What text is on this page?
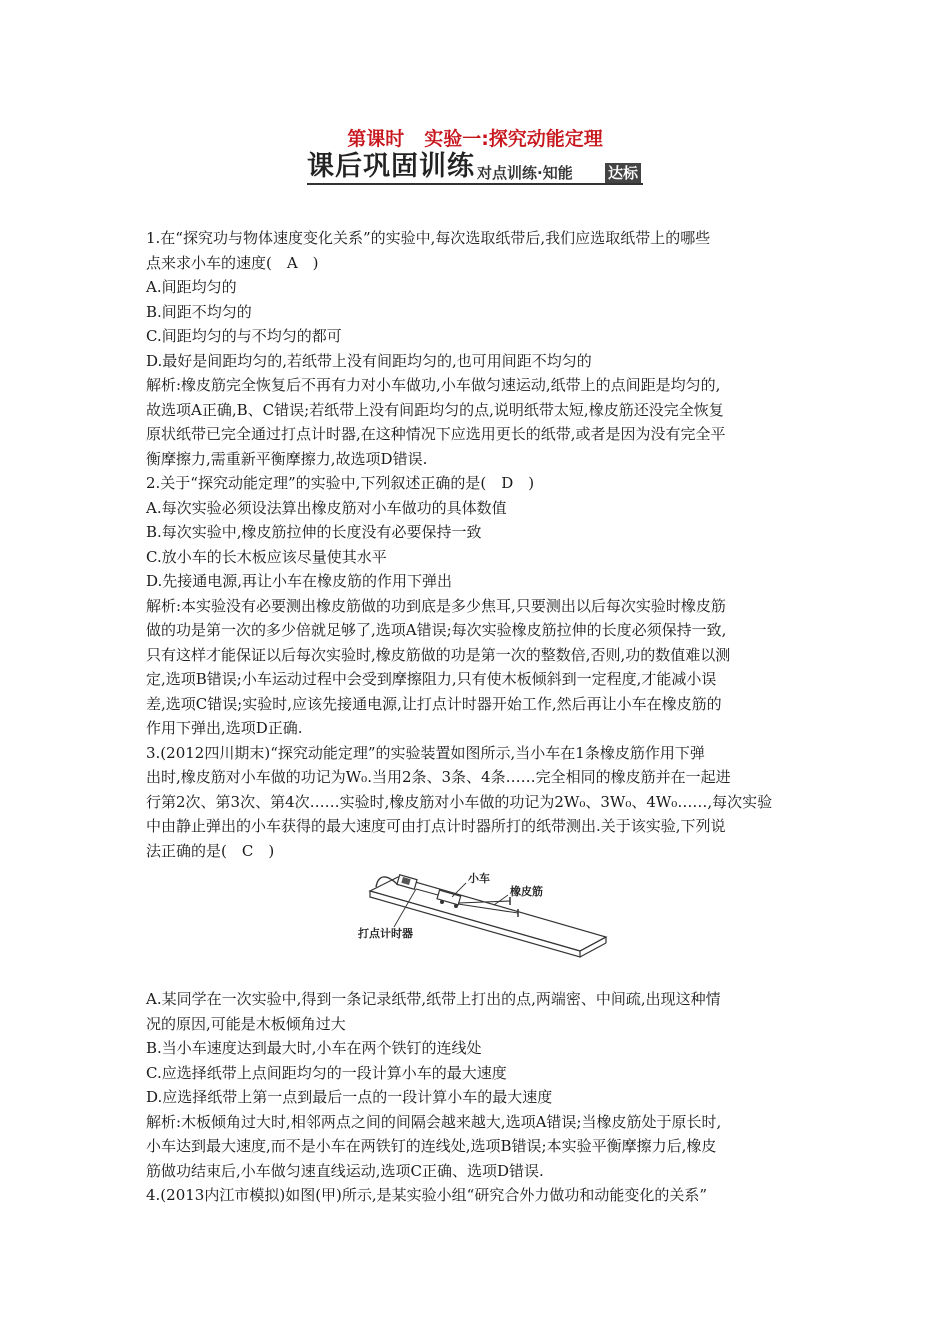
第课时 实验一:探究动能定理
课后巩固训练 对点训练·知能 达标

1.在“探究功与物体速度变化关系”的实验中,每次选取纸带后,我们应选取纸带上的哪些

点来求小车的速度(　A　)

A.间距均匀的

B.间距不均匀的

C.间距均匀的与不均匀的都可

D.最好是间距均匀的,若纸带上没有间距均匀的,也可用间距不均匀的

解析:橡皮筋完全恢复后不再有力对小车做功,小车做匀速运动,纸带上的点间距是均匀的,

故选项A正确,B、C错误;若纸带上没有间距均匀的点,说明纸带太短,橡皮筋还没完全恢复

原状纸带已完全通过打点计时器,在这种情况下应选用更长的纸带,或者是因为没有完全平

衡摩擦力,需重新平衡摩擦力,故选项D错误.

2.关于“探究动能定理”的实验中,下列叙述正确的是(　D　)

A.每次实验必须设法算出橡皮筋对小车做功的具体数值

B.每次实验中,橡皮筋拉伸的长度没有必要保持一致

C.放小车的长木板应该尽量使其水平

D.先接通电源,再让小车在橡皮筋的作用下弹出

解析:本实验没有必要测出橡皮筋做的功到底是多少焦耳,只要测出以后每次实验时橡皮筋

做的功是第一次的多少倍就足够了,选项A错误;每次实验橡皮筋拉伸的长度必须保持一致,

只有这样才能保证以后每次实验时,橡皮筋做的功是第一次的整数倍,否则,功的数值难以测

定,选项B错误;小车运动过程中会受到摩擦阻力,只有使木板倾斜到一定程度,才能减小误

差,选项C错误;实验时,应该先接通电源,让打点计时器开始工作,然后再让小车在橡皮筋的

作用下弹出,选项D正确.

3.(2012四川期末)“探究动能定理”的实验装置如图所示,当小车在1条橡皮筋作用下弹

出时,橡皮筋对小车做的功记为W₀.当用2条、3条、4条……完全相同的橡皮筋并在一起进

行第2次、第3次、第4次……实验时,橡皮筋对小车做的功记为2W₀、3W₀、4W₀……,每次实验

中由静止弹出的小车获得的最大速度可由打点计时器所打的纸带测出.关于该实验,下列说

法正确的是(　C　)

小车
橡皮筋
打点计时器

A.某同学在一次实验中,得到一条记录纸带,纸带上打出的点,两端密、中间疏,出现这种情

况的原因,可能是木板倾角过大

B.当小车速度达到最大时,小车在两个铁钉的连线处

C.应选择纸带上点间距均匀的一段计算小车的最大速度

D.应选择纸带上第一点到最后一点的一段计算小车的最大速度

解析:木板倾角过大时,相邻两点之间的间隔会越来越大,选项A错误;当橡皮筋处于原长时,

小车达到最大速度,而不是小车在两铁钉的连线处,选项B错误;本实验平衡摩擦力后,橡皮

筋做功结束后,小车做匀速直线运动,选项C正确、选项D错误.

4.(2013内江市模拟)如图(甲)所示,是某实验小组“研究合外力做功和动能变化的关系”
